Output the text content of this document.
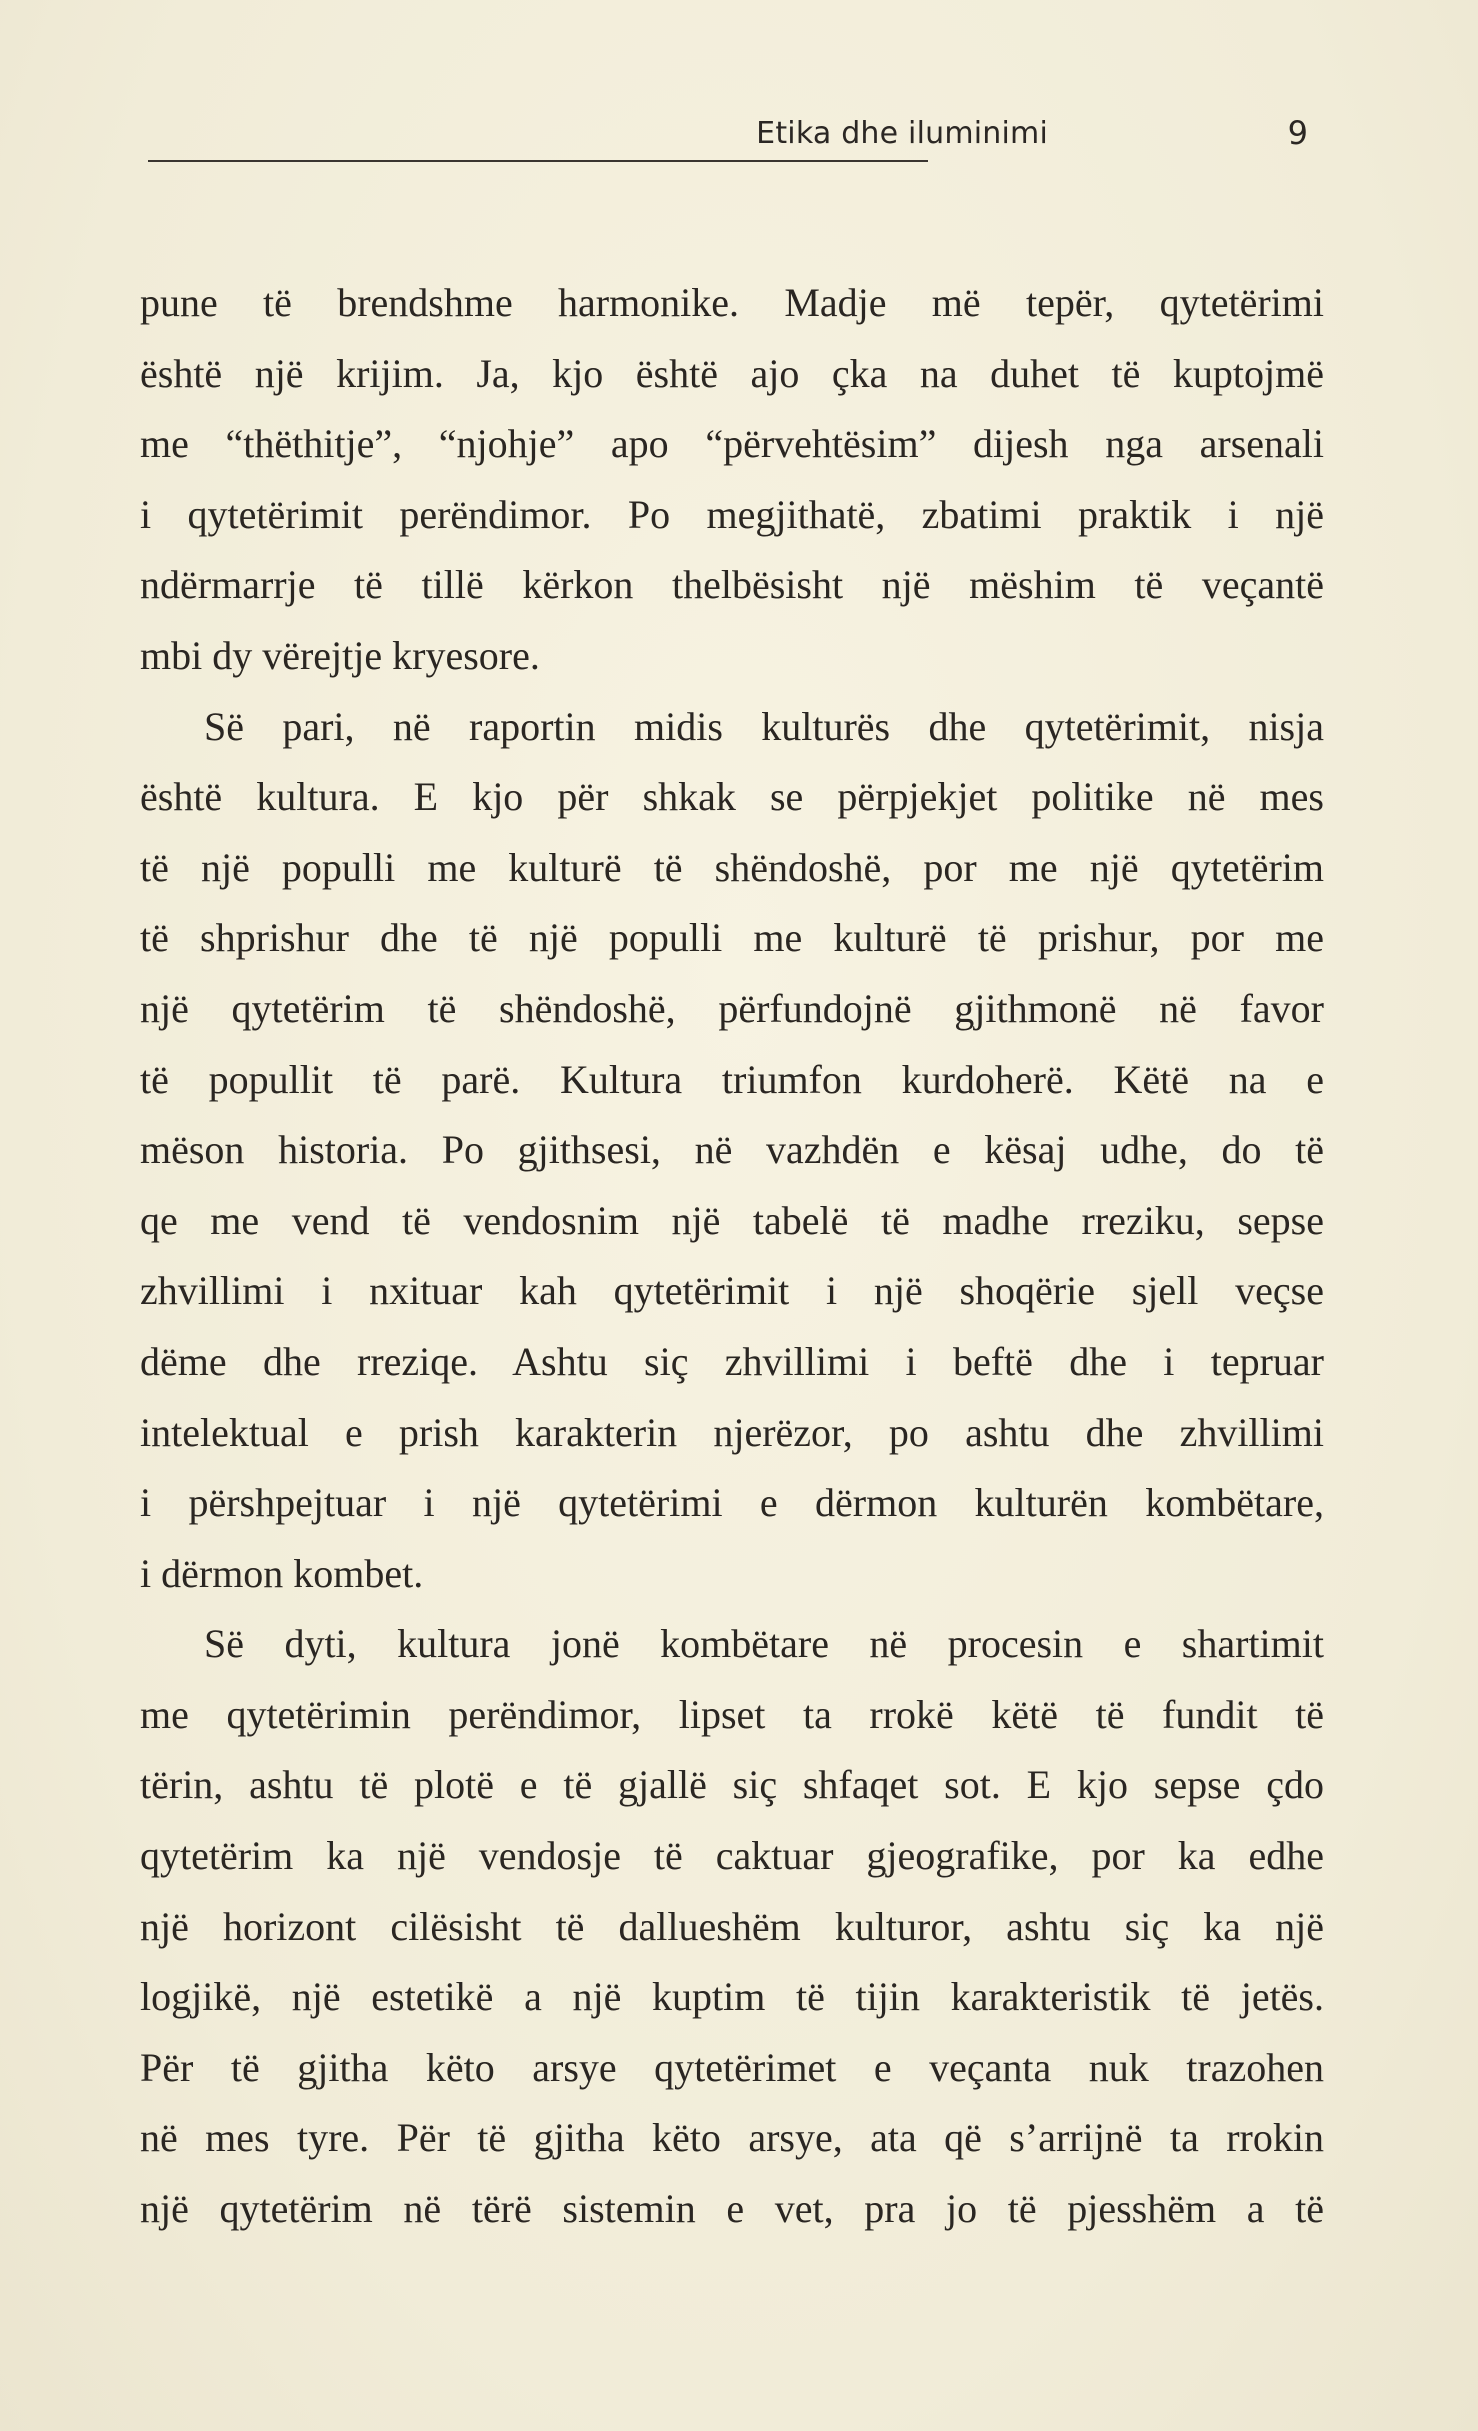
Etika dhe iluminimi	9
pune të brendshme harmonike. Madje më tepër, qytetërimi
është një krijim. Ja, kjo është ajo çka na duhet të kuptojmë
me “thëthitje”, “njohje” apo “përvehtësim” dijesh nga arsenali
i qytetërimit perëndimor. Po megjithatë, zbatimi praktik i një
ndërmarrje të tillë kërkon thelbësisht një mëshim të veçantë
mbi dy vërejtje kryesore.
Së pari, në raportin midis kulturës dhe qytetërimit, nisja
është kultura. E kjo për shkak se përpjekjet politike në mes
të një populli me kulturë të shëndoshë, por me një qytetërim
të shprishur dhe të një populli me kulturë të prishur, por me
një qytetërim të shëndoshë, përfundojnë gjithmonë në favor
të popullit të parë. Kultura triumfon kurdoherë. Këtë na e
mëson historia. Po gjithsesi, në vazhdën e kësaj udhe, do të
qe me vend të vendosnim një tabelë të madhe rreziku, sepse
zhvillimi i nxituar kah qytetërimit i një shoqërie sjell veçse
dëme dhe rreziqe. Ashtu siç zhvillimi i beftë dhe i tepruar
intelektual e prish karakterin njerëzor, po ashtu dhe zhvillimi
i përshpejtuar i një qytetërimi e dërmon kulturën kombëtare,
i dërmon kombet.
Së dyti, kultura jonë kombëtare në procesin e shartimit
me qytetërimin perëndimor, lipset ta rrokë këtë të fundit të
tërin, ashtu të plotë e të gjallë siç shfaqet sot. E kjo sepse çdo
qytetërim ka një vendosje të caktuar gjeografike, por ka edhe
një horizont cilësisht të dallueshëm kulturor, ashtu siç ka një
logjikë, një estetikë a një kuptim të tijin karakteristik të jetës.
Për të gjitha këto arsye qytetërimet e veçanta nuk trazohen
në mes tyre. Për të gjitha këto arsye, ata që s’arrijnë ta rrokin
një qytetërim në tërë sistemin e vet, pra jo të pjesshëm a të
